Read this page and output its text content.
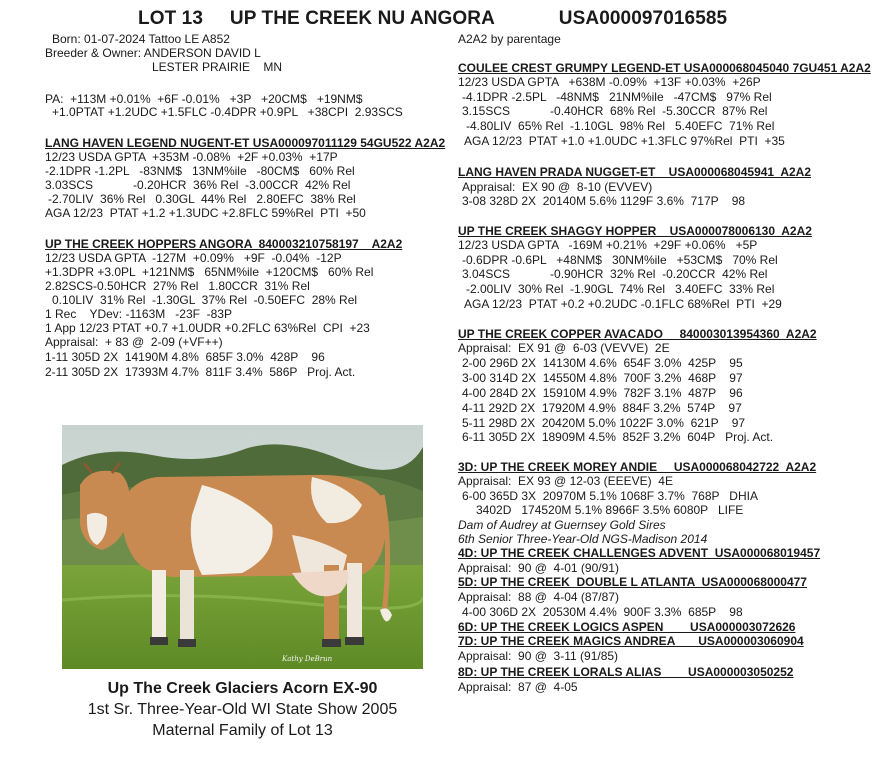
LOT 13     UP THE CREEK NU ANGORA            USA000097016585
Born: 01-07-2024 Tattoo LE A852
Breeder & Owner: ANDERSON DAVID L
LESTER PRAIRIE    MN
PA:  +113M +0.01%  +6F -0.01%   +3P   +20CM$   +19NM$
+1.0PTAT +1.2UDC +1.5FLC -0.4DPR +0.9PL   +38CPI  2.93SCS
LANG HAVEN LEGEND NUGENT-ET USA000097011129 54GU522 A2A2
12/23 USDA GPTA  +353M -0.08%  +2F +0.03%  +17P
-2.1DPR -1.2PL   -83NM$   13NM%ile   -80CM$   60% Rel
3.03SCS            -0.20HCR  36% Rel  -3.00CCR  42% Rel
-2.70LIV  36% Rel   0.30GL  44% Rel   2.80EFC  38% Rel
AGA 12/23  PTAT +1.2 +1.3UDC +2.8FLC 59%Rel  PTI  +50
UP THE CREEK HOPPERS ANGORA  840003210758197    A2A2
12/23 USDA GPTA  -127M  +0.09%   +9F  -0.04%  -12P
+1.3DPR +3.0PL  +121NM$   65NM%ile  +120CM$   60% Rel
2.82SCS-0.50HCR  27% Rel   1.80CCR  31% Rel
0.10LIV  31% Rel  -1.30GL  37% Rel  -0.50EFC  28% Rel
1 Rec    YDev: -1163M   -23F  -83P
1 App 12/23 PTAT +0.7 +1.0UDR +0.2FLC 63%Rel  CPI  +23
Appraisal:  + 83 @  2-09 (+VF++)
1-11 305D 2X  14190M 4.8%  685F 3.0%  428P    96
2-11 305D 2X  17393M 4.7%  811F 3.4%  586P   Proj. Act.
A2A2 by parentage
COULEE CREST GRUMPY LEGEND-ET USA000068045040 7GU451 A2A2
12/23 USDA GPTA   +638M -0.09%  +13F +0.03%  +26P
-4.1DPR -2.5PL   -48NM$   21NM%ile   -47CM$   97% Rel
3.15SCS            -0.40HCR  68% Rel  -5.30CCR  87% Rel
-4.80LIV  65% Rel  -1.10GL  98% Rel   5.40EFC  71% Rel
AGA 12/23  PTAT +1.0 +1.0UDC +1.3FLC 97%Rel  PTI  +35
LANG HAVEN PRADA NUGGET-ET    USA000068045941  A2A2
Appraisal:  EX 90 @  8-10 (EVVEV)
3-08 328D 2X  20140M 5.6% 1129F 3.6%  717P    98
UP THE CREEK SHAGGY HOPPER    USA000078006130  A2A2
12/23 USDA GPTA   -169M +0.21%  +29F +0.06%   +5P
-0.6DPR -0.6PL   +48NM$   30NM%ile   +53CM$   70% Rel
3.04SCS            -0.90HCR  32% Rel  -0.20CCR  42% Rel
-2.00LIV  30% Rel  -1.90GL  74% Rel   3.40EFC  33% Rel
AGA 12/23  PTAT +0.2 +0.2UDC -0.1FLC 68%Rel  PTI  +29
UP THE CREEK COPPER AVACADO     840003013954360  A2A2
Appraisal:  EX 91 @  6-03 (VEVVE)  2E
2-00 296D 2X  14130M 4.6%  654F 3.0%  425P    95
3-00 314D 2X  14550M 4.8%  700F 3.2%  468P    97
4-00 284D 2X  15910M 4.9%  782F 3.1%  487P    96
4-11 292D 2X  17920M 4.9%  884F 3.2%  574P    97
5-11 298D 2X  20420M 5.0% 1022F 3.0%  621P    97
6-11 305D 2X  18909M 4.5%  852F 3.2%  604P   Proj. Act.
3D: UP THE CREEK MOREY ANDIE     USA000068042722  A2A2
Appraisal:  EX 93 @ 12-03 (EEEVE)  4E
6-00 365D 3X  20970M 5.1% 1068F 3.7%  768P   DHIA
3402D   174520M 5.1% 8966F 3.5% 6080P   LIFE
Dam of Audrey at Guernsey Gold Sires
6th Senior Three-Year-Old NGS-Madison 2014
4D: UP THE CREEK CHALLENGES ADVENT  USA000068019457
Appraisal:  90 @  4-01 (90/91)
5D: UP THE CREEK  DOUBLE L ATLANTA  USA000068000477
Appraisal:  88 @  4-04 (87/87)
4-00 306D 2X  20530M 4.4%  900F 3.3%  685P    98
6D: UP THE CREEK LOGICS ASPEN        USA000003072626
7D: UP THE CREEK MAGICS ANDREA       USA000003060904
Appraisal:  90 @  3-11 (91/85)
8D: UP THE CREEK LORALS ALIAS        USA000003050252
Appraisal:  87 @  4-05
Kathy DeBrun
Up The Creek Glaciers Acorn EX-90
1st Sr. Three-Year-Old WI State Show 2005
Maternal Family of Lot 13
